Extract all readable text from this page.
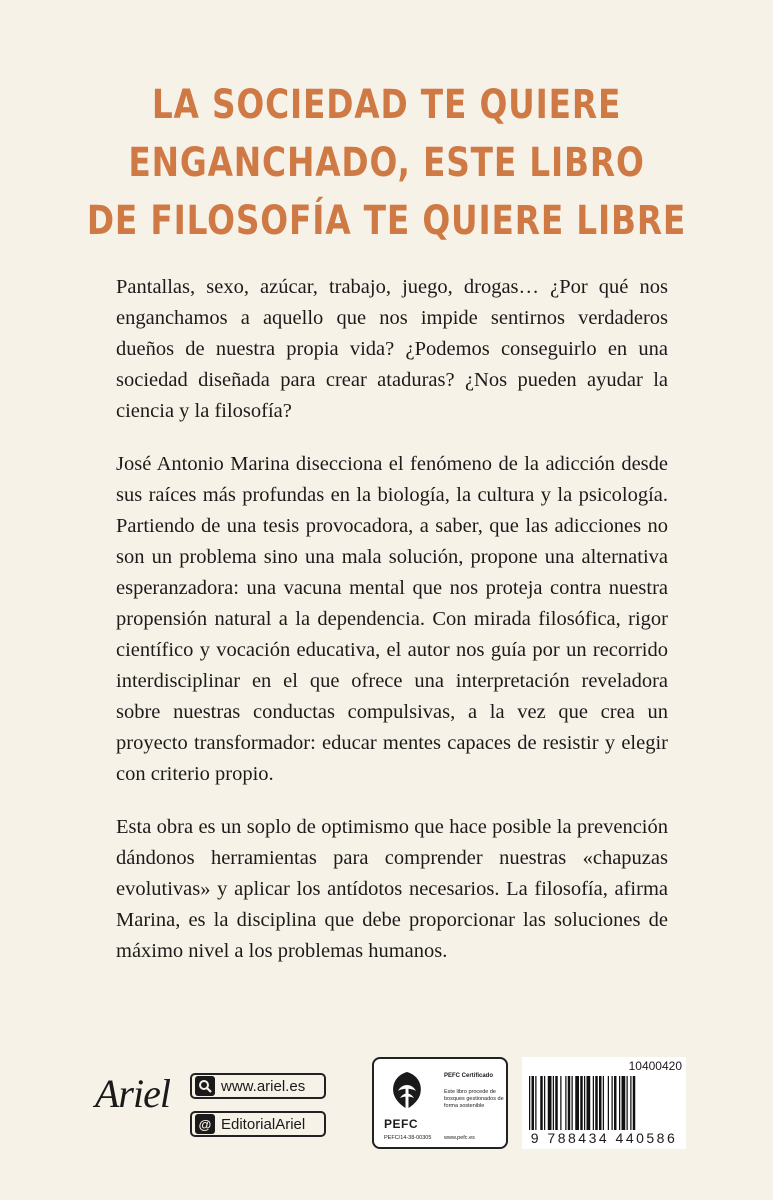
LA SOCIEDAD TE QUIERE
ENGANCHADO, ESTE LIBRO
DE FILOSOFÍA TE QUIERE LIBRE

Pantallas, sexo, azúcar, trabajo, juego, drogas… ¿Por qué nos enganchamos a aquello que nos impide sentirnos verdaderos dueños de nuestra propia vida? ¿Podemos conseguirlo en una sociedad diseñada para crear ataduras? ¿Nos pueden ayudar la ciencia y la filosofía?

José Antonio Marina disecciona el fenómeno de la adicción desde sus raíces más profundas en la biología, la cultura y la psicología. Partiendo de una tesis provocadora, a saber, que las adicciones no son un problema sino una mala solución, propone una alternativa esperanzadora: una vacuna mental que nos proteja contra nuestra propensión natural a la dependencia. Con mirada filosófica, rigor científico y vocación educativa, el autor nos guía por un recorrido interdisciplinar en el que ofrece una interpretación reveladora sobre nuestras conductas compulsivas, a la vez que crea un proyecto transformador: educar mentes capaces de resistir y elegir con criterio propio.

Esta obra es un soplo de optimismo que hace posible la prevención dándonos herramientas para comprender nuestras «chapuzas evolutivas» y aplicar los antídotos necesarios. La filosofía, afirma Marina, es la disciplina que debe proporcionar las soluciones de máximo nivel a los problemas humanos.

Ariel	www.ariel.es
@ EditorialAriel	PEFC
PEFC/14-38-00305
PEFC Certificado
Este libro procede de bosques gestionados de forma sostenible
www.pefc.es
10400420
9 788434 440586
